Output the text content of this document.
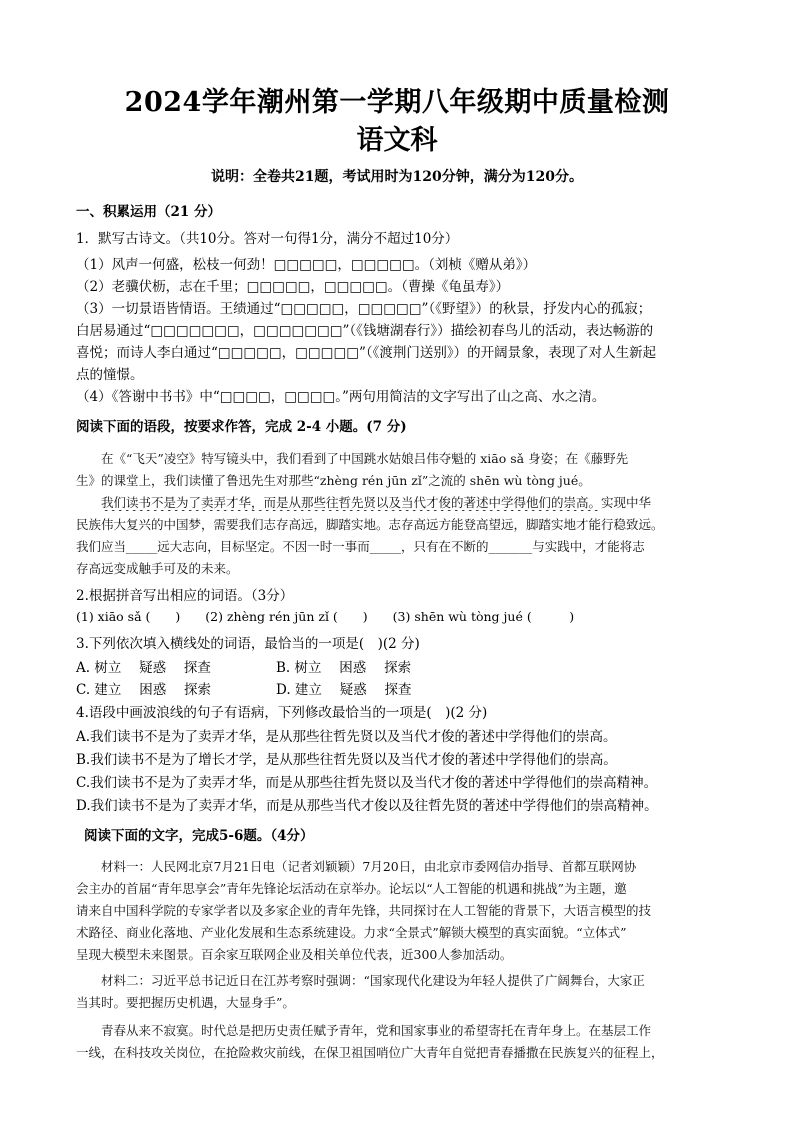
2024学年潮州第一学期八年级期中质量检测
语文科
说明：全卷共21题，考试用时为120分钟，满分为120分。
一、积累运用（21 分）
1．默写古诗文。（共10分。答对一句得1分，满分不超过10分）
（1）风声一何盛，松枝一何劲！□□□□□，□□□□□。（刘桢《赠从弟》）
（2）老骥伏枥，志在千里；□□□□□，□□□□□。（曹操《龟虽寿》）
（3）一切景语皆情语。王绩通过“□□□□□，□□□□□”（《野望》）的秋景，抒发内心的孤寂；
白居易通过“□□□□□□□，□□□□□□□”（《钱塘湖春行》）描绘初春鸟儿的活动，表达畅游的
喜悦；而诗人李白通过“□□□□□，□□□□□”（《渡荆门送别》）的开阔景象，表现了对人生新起
点的憧憬。
（4）《答谢中书书》中“□□□□，□□□□。”两句用简洁的文字写出了山之高、水之清。
阅读下面的语段，按要求作答，完成 2-4 小题。(7 分)
　　在《“飞天”凌空》特写镜头中，我们看到了中国跳水姑娘吕伟夺魁的 xiāo sǎ 身姿；在《藤野先
生》的课堂上，我们读懂了鲁迅先生对那些“zhèng rén jūn zǐ”之流的 shēn wù tòng jué。
　　我们读书不是为了卖弄才华，而是从那些往哲先贤以及当代才俊的著述中学得他们的崇高。实现中华
民族伟大复兴的中国梦，需要我们志存高远，脚踏实地。志存高远方能登高望远，脚踏实地才能行稳致远。
我们应当_____远大志向，目标坚定。不因一时一事而_____，只有在不断的_______与实践中，才能将志
存高远变成触手可及的未来。
2.根据拼音写出相应的词语。（3分）
(1) xiāo sǎ (　　)　　(2) zhèng rén jūn zǐ (　　)　　(3) shēn wù tòng jué (　　　)
3.下列依次填入横线处的词语，最恰当的一项是(　)(2 分)
A. 树立　 疑惑　 探查	B. 树立　 困惑　 探索
C. 建立　 困惑　 探索	D. 建立　 疑惑　 探查
4.语段中画波浪线的句子有语病，下列修改最恰当的一项是(　)(2 分)
A.我们读书不是为了卖弄才华，是从那些往哲先贤以及当代才俊的著述中学得他们的崇高。
B.我们读书不是为了增长才学，是从那些往哲先贤以及当代才俊的著述中学得他们的崇高。
C.我们读书不是为了卖弄才华，而是从那些往哲先贤以及当代才俊的著述中学得他们的崇高精神。
D.我们读书不是为了卖弄才华，而是从那些当代才俊以及往哲先贤的著述中学得他们的崇高精神。
阅读下面的文字，完成5-6题。（4分）
　　材料一：人民网北京7月21日电（记者刘颖颖）7月20日，由北京市委网信办指导、首都互联网协
会主办的首届“青年思享会”青年先锋论坛活动在京举办。论坛以“人工智能的机遇和挑战”为主题，邀
请来自中国科学院的专家学者以及多家企业的青年先锋，共同探讨在人工智能的背景下，大语言模型的技
术路径、商业化落地、产业化发展和生态系统建设。力求“全景式”解锁大模型的真实面貌。“立体式”
呈现大模型未来图景。百余家互联网企业及相关单位代表，近300人参加活动。
　　材料二：习近平总书记近日在江苏考察时强调：“国家现代化建设为年轻人提供了广阔舞台，大家正
当其时。要把握历史机遇，大显身手”。
　　青春从来不寂寞。时代总是把历史责任赋予青年，党和国家事业的希望寄托在青年身上。在基层工作
一线，在科技攻关岗位，在抢险救灾前线，在保卫祖国哨位广大青年自觉把青春播撒在民族复兴的征程上，
